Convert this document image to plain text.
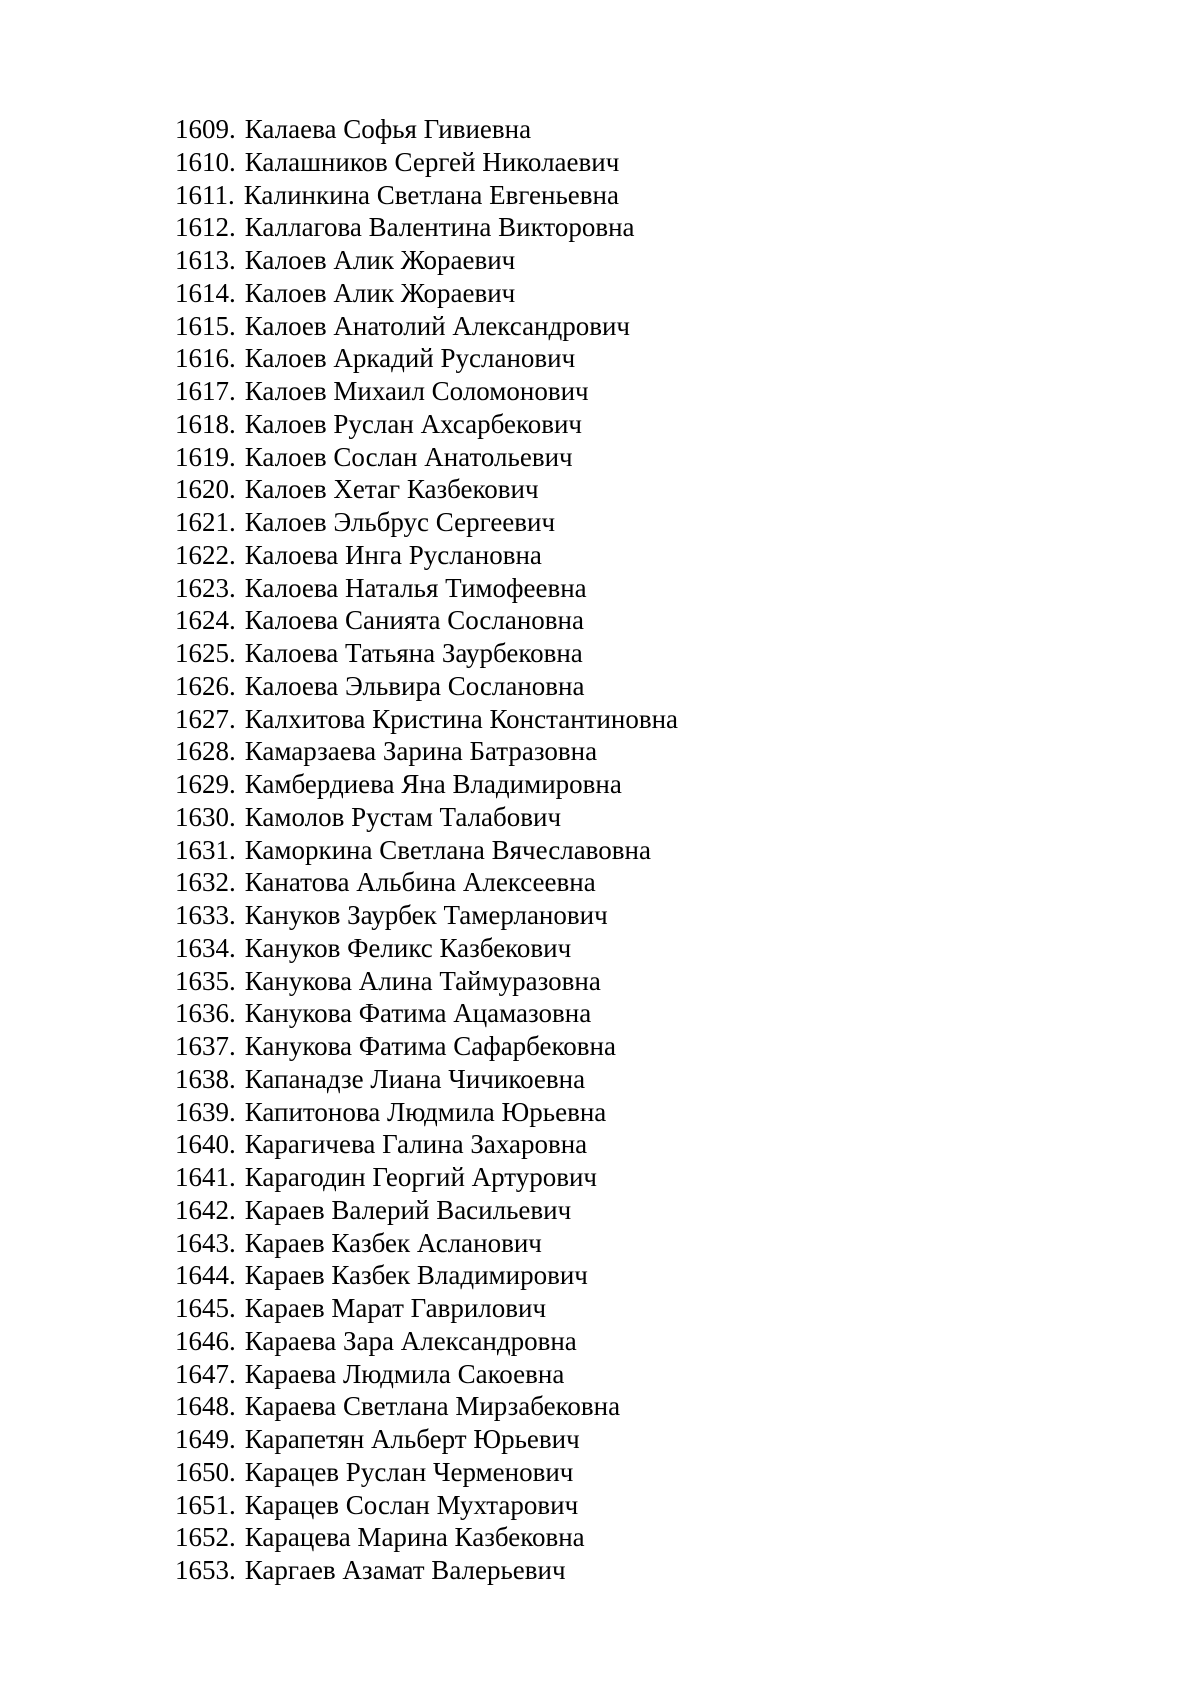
1609. Калаева Софья Гивиевна
1610. Калашников Сергей Николаевич
1611. Калинкина Светлана Евгеньевна
1612. Каллагова Валентина Викторовна
1613. Калоев Алик Жораевич
1614. Калоев Алик Жораевич
1615. Калоев Анатолий Александрович
1616. Калоев Аркадий Русланович
1617. Калоев Михаил Соломонович
1618. Калоев Руслан Ахсарбекович
1619. Калоев Сослан Анатольевич
1620. Калоев Хетаг Казбекович
1621. Калоев Эльбрус Сергеевич
1622. Калоева Инга Руслановна
1623. Калоева Наталья Тимофеевна
1624. Калоева Санията Сослановна
1625. Калоева Татьяна Заурбековна
1626. Калоева Эльвира Сослановна
1627. Калхитова Кристина Константиновна
1628. Камарзаева Зарина Батразовна
1629. Камбердиева Яна Владимировна
1630. Камолов Рустам Талабович
1631. Каморкина Светлана Вячеславовна
1632. Канатова Альбина Алексеевна
1633. Кануков Заурбек Тамерланович
1634. Кануков Феликс Казбекович
1635. Канукова Алина Таймуразовна
1636. Канукова Фатима Ацамазовна
1637. Канукова Фатима Сафарбековна
1638. Капанадзе Лиана Чичикоевна
1639. Капитонова Людмила Юрьевна
1640. Карагичева Галина Захаровна
1641. Карагодин Георгий Артурович
1642. Караев Валерий Васильевич
1643. Караев Казбек Асланович
1644. Караев Казбек Владимирович
1645. Караев Марат Гаврилович
1646. Караева Зара Александровна
1647. Караева Людмила Сакоевна
1648. Караева Светлана Мирзабековна
1649. Карапетян Альберт Юрьевич
1650. Карацев Руслан Черменович
1651. Карацев Сослан Мухтарович
1652. Карацева Марина Казбековна
1653. Каргаев Азамат Валерьевич
